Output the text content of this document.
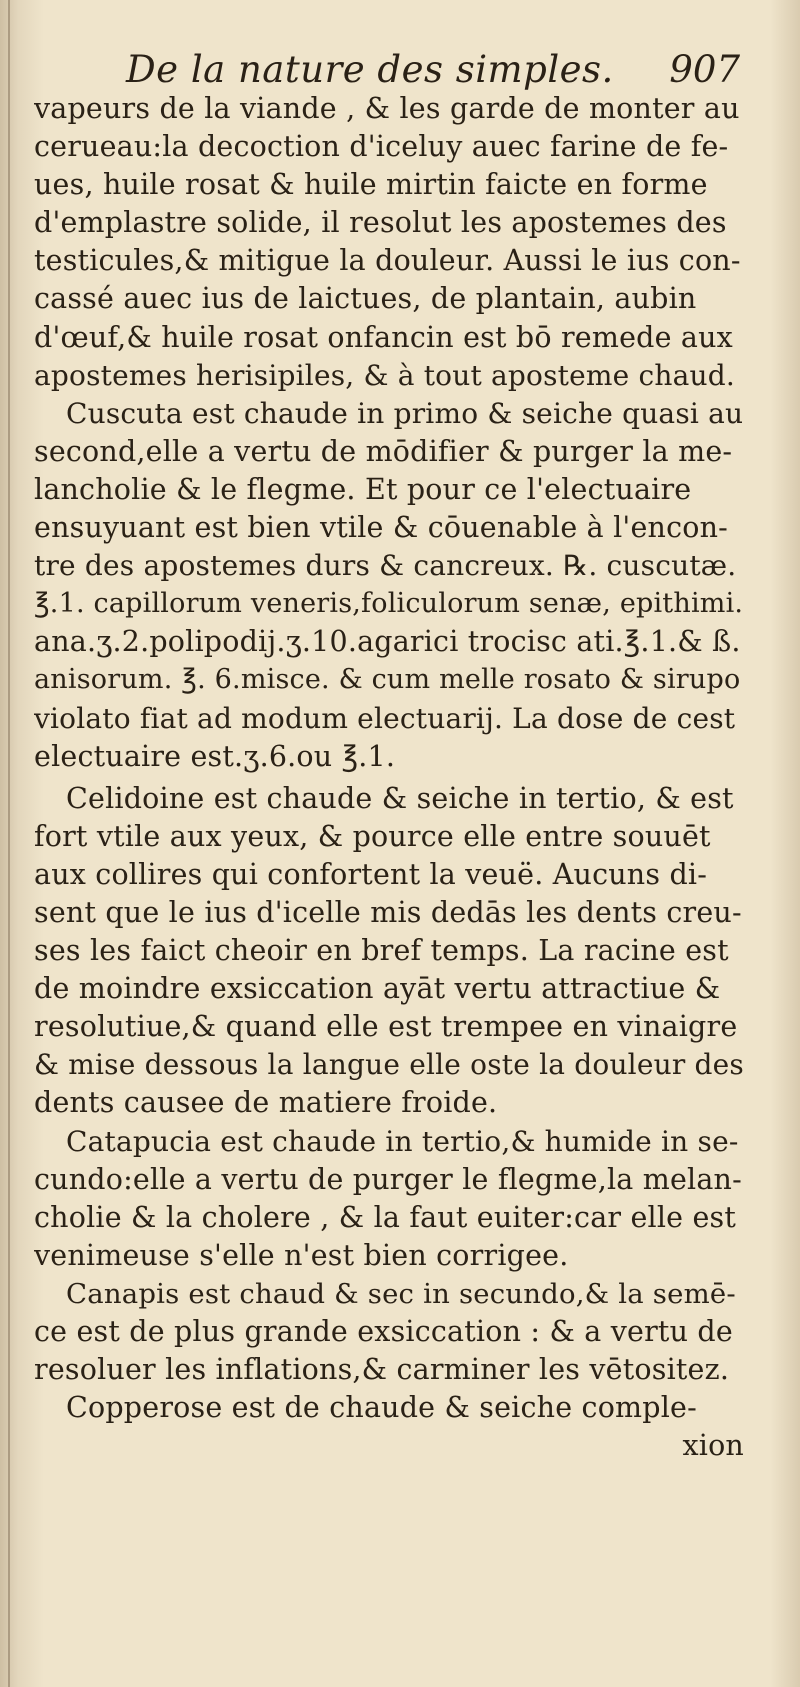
De la nature des simples. 907
vapeurs de la viande , & les garde de monter au
cerueau:la decoction d'iceluy auec farine de fe-
ues, huile rosat & huile mirtin faicte en forme
d'emplastre solide, il resolut les apostemes des
testicules,& mitigue la douleur. Aussi le ius con-
cassé auec ius de laictues, de plantain, aubin
d'œuf,& huile rosat onfancin est bō remede aux
apostemes herisipiles, & à tout aposteme chaud.
Cuscuta est chaude in primo & seiche quasi au
second,elle a vertu de mōdifier & purger la me-
lancholie & le flegme. Et pour ce l'electuaire
ensuyuant est bien vtile & cōuenable à l'encon-
tre des apostemes durs & cancreux. ℞. cuscutæ.
℥.1. capillorum veneris,foliculorum senæ, epithimi.
ana.ʒ.2.polipodij.ʒ.10.agarici trocisc ati.℥.1.& ß.
anisorum. ℥. 6.misce. & cum melle rosato & sirupo
violato fiat ad modum electuarij. La dose de cest
electuaire est.ʒ.6.ou ℥.1.
Celidoine est chaude & seiche in tertio, & est
fort vtile aux yeux, & pource elle entre souuēt
aux collires qui confortent la veuë. Aucuns di-
sent que le ius d'icelle mis dedās les dents creu-
ses les faict cheoir en bref temps. La racine est
de moindre exsiccation ayāt vertu attractiue &
resolutiue,& quand elle est trempee en vinaigre
& mise dessous la langue elle oste la douleur des
dents causee de matiere froide.
Catapucia est chaude in tertio,& humide in se-
cundo:elle a vertu de purger le flegme,la melan-
cholie & la cholere , & la faut euiter:car elle est
venimeuse s'elle n'est bien corrigee.
Canapis est chaud & sec in secundo,& la semē-
ce est de plus grande exsiccation : & a vertu de
resoluer les inflations,& carminer les vētositez.
Copperose est de chaude & seiche comple-
xion
